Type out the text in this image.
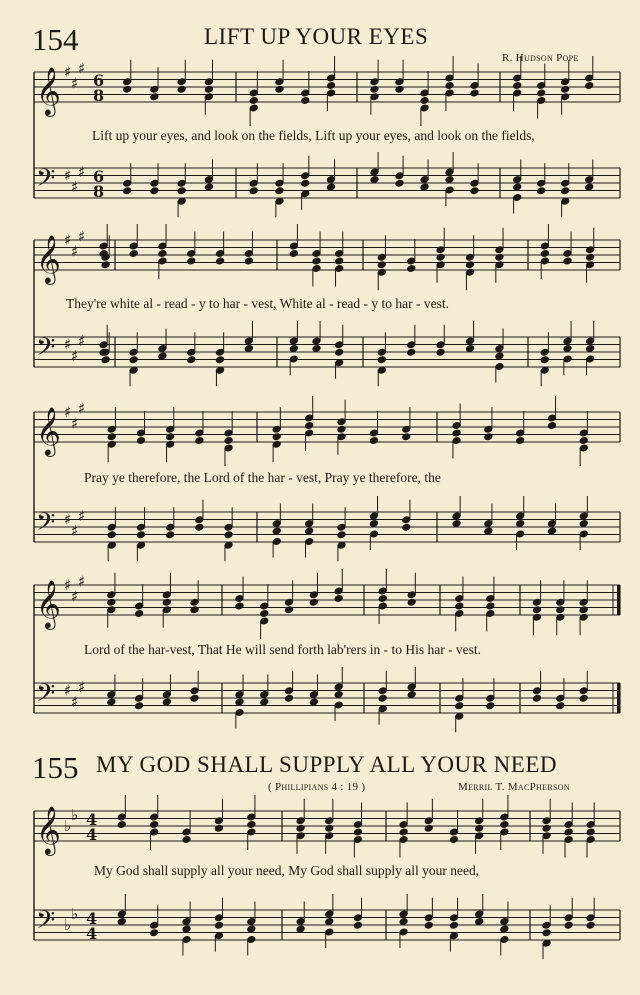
154	LIFT UP YOUR EYES
R. Hudson Pope
Lift up your eyes, and look on the fields, Lift up your eyes, and look on the fields,
They're white al - read - y to har - vest, White al - read - y to har - vest.
Pray ye therefore, the Lord of the har - vest, Pray ye therefore, the
Lord of the har-vest, That He will send forth lab'rers in - to His har - vest.
155 MY GOD SHALL SUPPLY ALL YOUR NEED
( Phillipians 4 : 19 )	Merril T. MacPherson
My God shall supply all your need, My God shall supply all your need,
𝄞
𝄢
♯
♯
♯
♯
♯
♯
6
8
6
8
𝄞
𝄢
♯
♯
♯
♯
♯
♯
𝄞
𝄢
♯
♯
♯
♯
♯
♯
𝄞
𝄢
♯
♯
♯
♯
♯
♯
𝄞
𝄢
♭
♭
♭
♭
4
4
4
4
